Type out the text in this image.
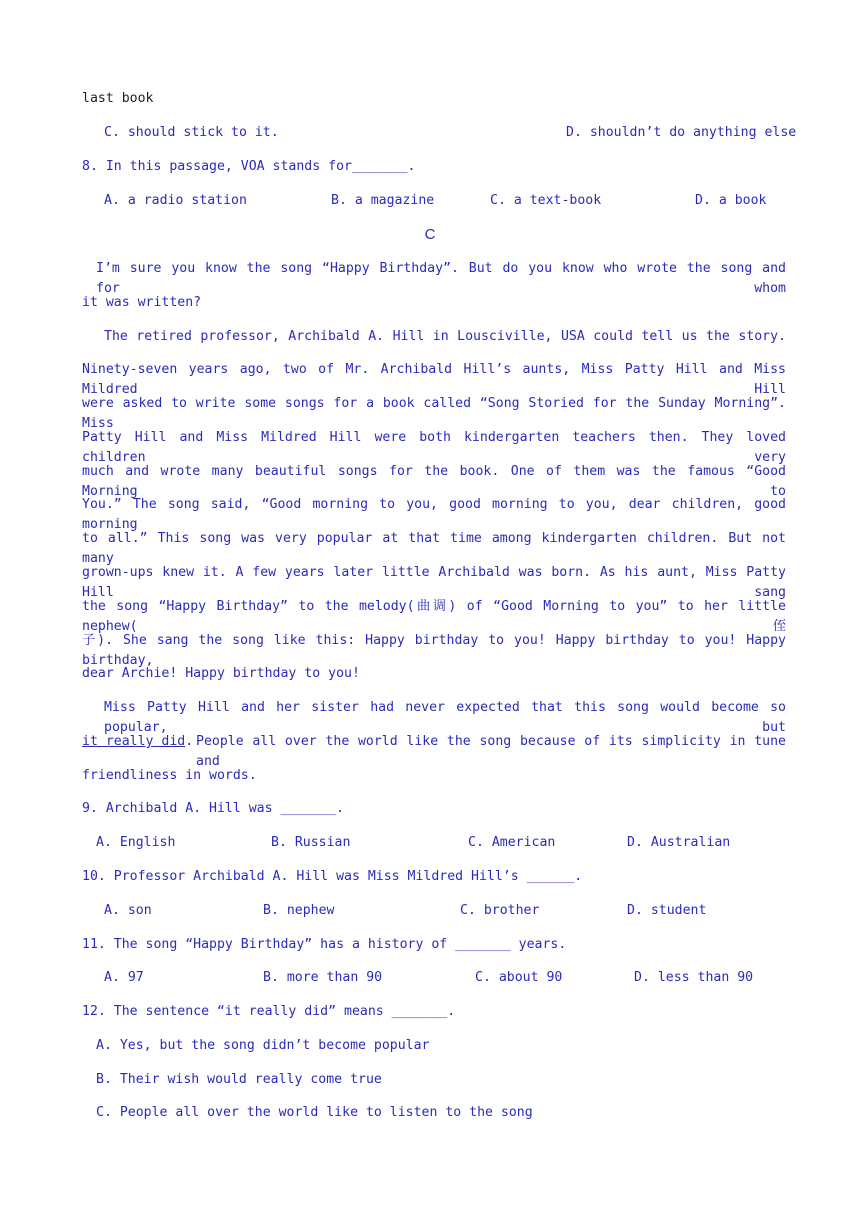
last book
C. should stick to it.	D. shouldn’t do anything else
8. In this passage, VOA stands for_______.
A. a radio station	B. a magazine	C. a text-book	D. a book
C
I’m sure you know the song “Happy Birthday”. But do you know who wrote the song and for whom
it was written?
The retired professor, Archibald A. Hill in Lousciville, USA could tell us the story.
Ninety-seven years ago, two of Mr. Archibald Hill’s aunts, Miss Patty Hill and Miss Mildred Hill
were asked to write some songs for a book called “Song Storied for the Sunday Morning”. Miss
Patty Hill and Miss Mildred Hill were both kindergarten teachers then. They loved children very
much and wrote many beautiful songs for the book. One of them was the famous “Good Morning to
You.” The song said, “Good morning to you, good morning to you, dear children, good morning
to all.” This song was very popular at that time among kindergarten children. But not many
grown-ups knew it. A few years later little Archibald was born. As his aunt, Miss Patty Hill sang
the song “Happy Birthday” to the melody(曲调) of “Good Morning to you” to her little nephew(侄
子). She sang the song like this: Happy birthday to you! Happy birthday to you! Happy birthday,
dear Archie! Happy birthday to you!
Miss Patty Hill and her sister had never expected that this song would become so popular, but
it really did. People all over the world like the song because of its simplicity in tune and
friendliness in words.
9. Archibald A. Hill was _______.
A. English	B. Russian	C. American	D. Australian
10. Professor Archibald A. Hill was Miss Mildred Hill’s ______.
A. son	B. nephew	C. brother	D. student
11. The song “Happy Birthday” has a history of _______ years.
A. 97	B. more than 90	C. about 90	D. less than 90
12. The sentence “it really did” means _______.
A. Yes, but the song didn’t become popular
B. Their wish would really come true
C. People all over the world like to listen to the song
